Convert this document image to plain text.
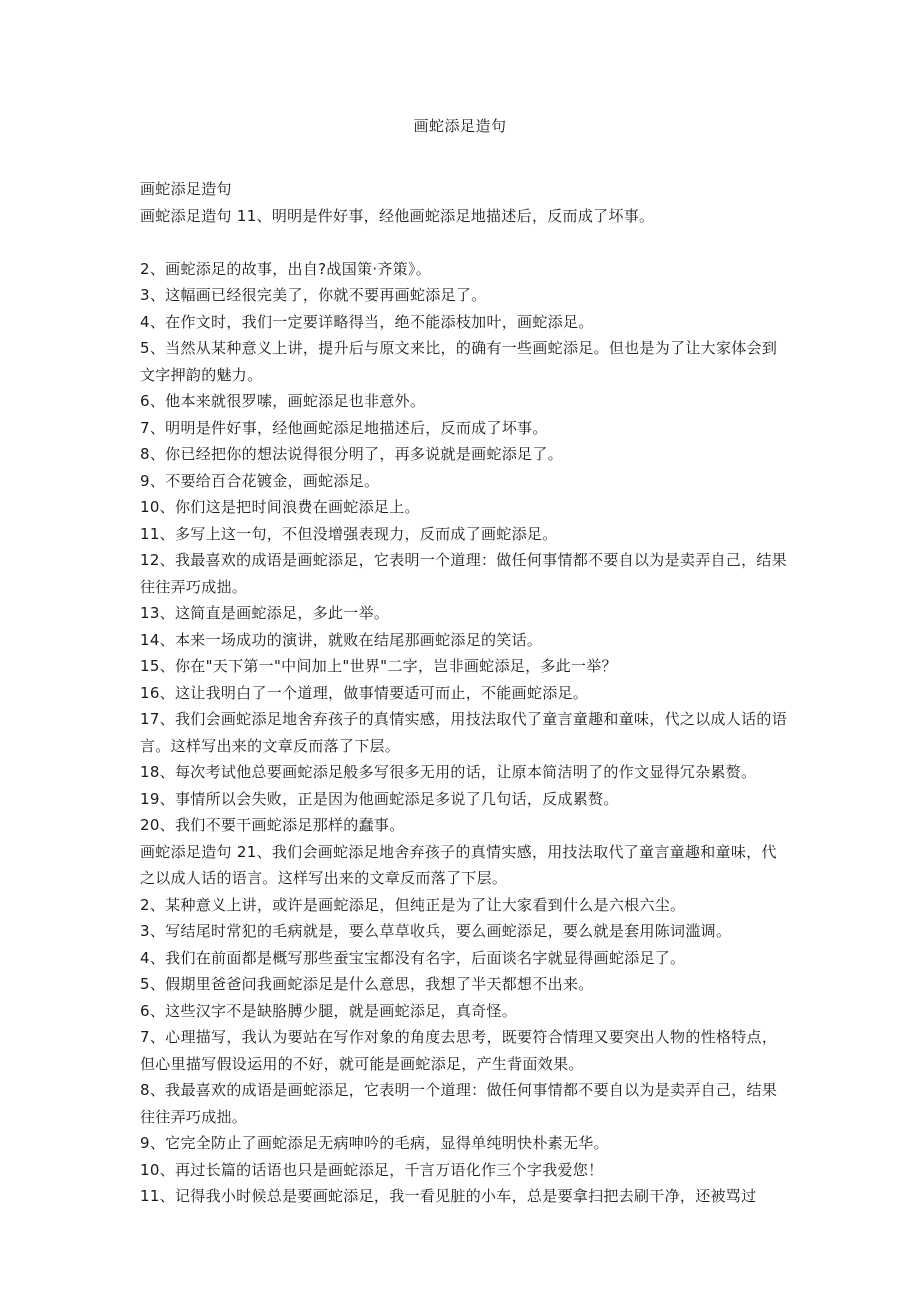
画蛇添足造句

画蛇添足造句

画蛇添足造句 11、明明是件好事，经他画蛇添足地描述后，反而成了坏事。

2、画蛇添足的故事，出自?战国策·齐策》。

3、这幅画已经很完美了，你就不要再画蛇添足了。

4、在作文时，我们一定要详略得当，绝不能添枝加叶，画蛇添足。

5、当然从某种意义上讲，提升后与原文来比，的确有一些画蛇添足。但也是为了让大家体会到文字押韵的魅力。

6、他本来就很罗嗦，画蛇添足也非意外。

7、明明是件好事，经他画蛇添足地描述后，反而成了坏事。

8、你已经把你的想法说得很分明了，再多说就是画蛇添足了。

9、不要给百合花镀金，画蛇添足。

10、你们这是把时间浪费在画蛇添足上。

11、多写上这一句，不但没增强表现力，反而成了画蛇添足。

12、我最喜欢的成语是画蛇添足，它表明一个道理：做任何事情都不要自以为是卖弄自己，结果往往弄巧成拙。

13、这简直是画蛇添足，多此一举。

14、本来一场成功的演讲，就败在结尾那画蛇添足的笑话。

15、你在"天下第一"中间加上"世界"二字，岂非画蛇添足，多此一举？

16、这让我明白了一个道理，做事情要适可而止，不能画蛇添足。

17、我们会画蛇添足地舍弃孩子的真情实感，用技法取代了童言童趣和童味，代之以成人话的语言。这样写出来的文章反而落了下层。

18、每次考试他总要画蛇添足般多写很多无用的话，让原本简洁明了的作文显得冗杂累赘。

19、事情所以会失败，正是因为他画蛇添足多说了几句话，反成累赘。

20、我们不要干画蛇添足那样的蠢事。

画蛇添足造句 21、我们会画蛇添足地舍弃孩子的真情实感，用技法取代了童言童趣和童味，代之以成人话的语言。这样写出来的文章反而落了下层。

2、某种意义上讲，或许是画蛇添足，但纯正是为了让大家看到什么是六根六尘。

3、写结尾时常犯的毛病就是，要么草草收兵，要么画蛇添足，要么就是套用陈词滥调。

4、我们在前面都是概写那些蚕宝宝都没有名字，后面谈名字就显得画蛇添足了。

5、假期里爸爸问我画蛇添足是什么意思，我想了半天都想不出来。

6、这些汉字不是缺胳膊少腿，就是画蛇添足，真奇怪。

7、心理描写，我认为要站在写作对象的角度去思考，既要符合情理又要突出人物的性格特点，但心里描写假设运用的不好，就可能是画蛇添足，产生背面效果。

8、我最喜欢的成语是画蛇添足，它表明一个道理：做任何事情都不要自以为是卖弄自己，结果往往弄巧成拙。

9、它完全防止了画蛇添足无病呻吟的毛病，显得单纯明快朴素无华。

10、再过长篇的话语也只是画蛇添足，千言万语化作三个字我爱您！

11、记得我小时候总是要画蛇添足，我一看见脏的小车，总是要拿扫把去刷干净，还被骂过
